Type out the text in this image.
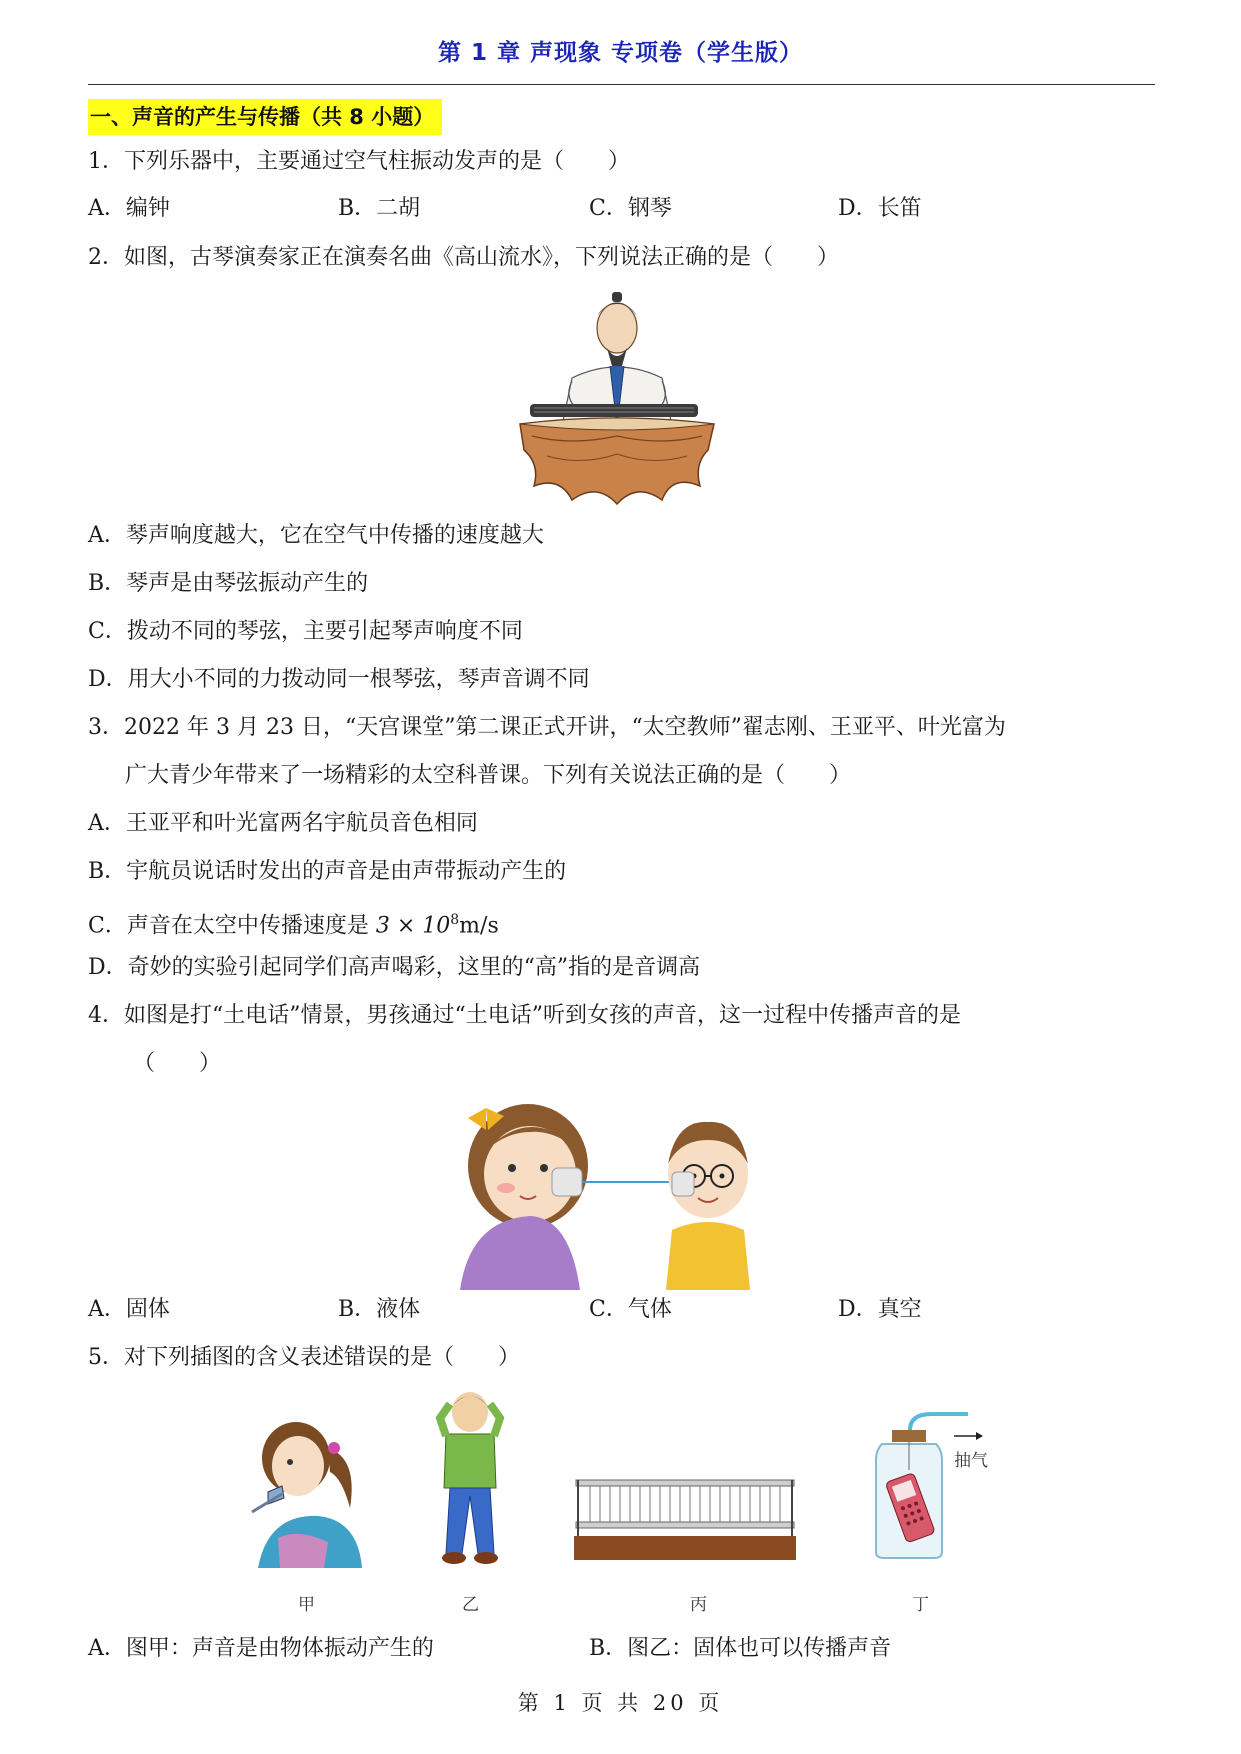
第 1 章 声现象 专项卷（学生版）
一、声音的产生与传播（共 8 小题）
1．下列乐器中，主要通过空气柱振动发声的是（　　）
A．编钟	B．二胡	C．钢琴	D．长笛
2．如图，古琴演奏家正在演奏名曲《高山流水》，下列说法正确的是（　　）
A．琴声响度越大，它在空气中传播的速度越大
B．琴声是由琴弦振动产生的
C．拨动不同的琴弦，主要引起琴声响度不同
D．用大小不同的力拨动同一根琴弦，琴声音调不同
3．2022 年 3 月 23 日，“天宫课堂”第二课正式开讲，“太空教师”翟志刚、王亚平、叶光富为
广大青少年带来了一场精彩的太空科普课。下列有关说法正确的是（　　）
A．王亚平和叶光富两名宇航员音色相同
B．宇航员说话时发出的声音是由声带振动产生的
C．声音在太空中传播速度是 $3 \times 10^8m/s$
D．奇妙的实验引起同学们高声喝彩，这里的“高”指的是音调高
4．如图是打“土电话”情景，男孩通过“土电话”听到女孩的声音，这一过程中传播声音的是
（　　）
A．固体	B．液体	C．气体	D．真空
5．对下列插图的含义表述错误的是（　　）
抽气
甲	乙	丙	丁
A．图甲：声音是由物体振动产生的	B．图乙：固体也可以传播声音
第 1 页 共 20 页
